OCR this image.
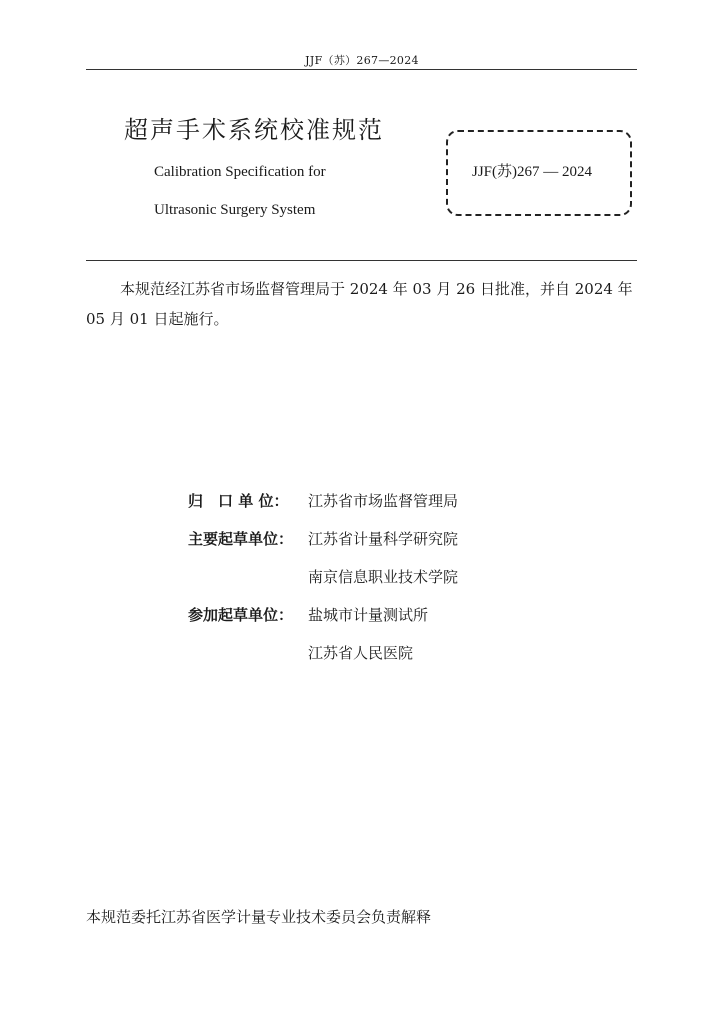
JJF（苏）267—2024
超声手术系统校准规范
Calibration Specification for
Ultrasonic Surgery System
JJF(苏)267 — 2024
本规范经江苏省市场监督管理局于 2024 年 03 月 26 日批准，并自 2024 年 05 月 01 日起施行。
归　口 单 位：	江苏省市场监督管理局
主要起草单位： 江苏省计量科学研究院
南京信息职业技术学院
参加起草单位： 盐城市计量测试所
江苏省人民医院
本规范委托江苏省医学计量专业技术委员会负责解释
